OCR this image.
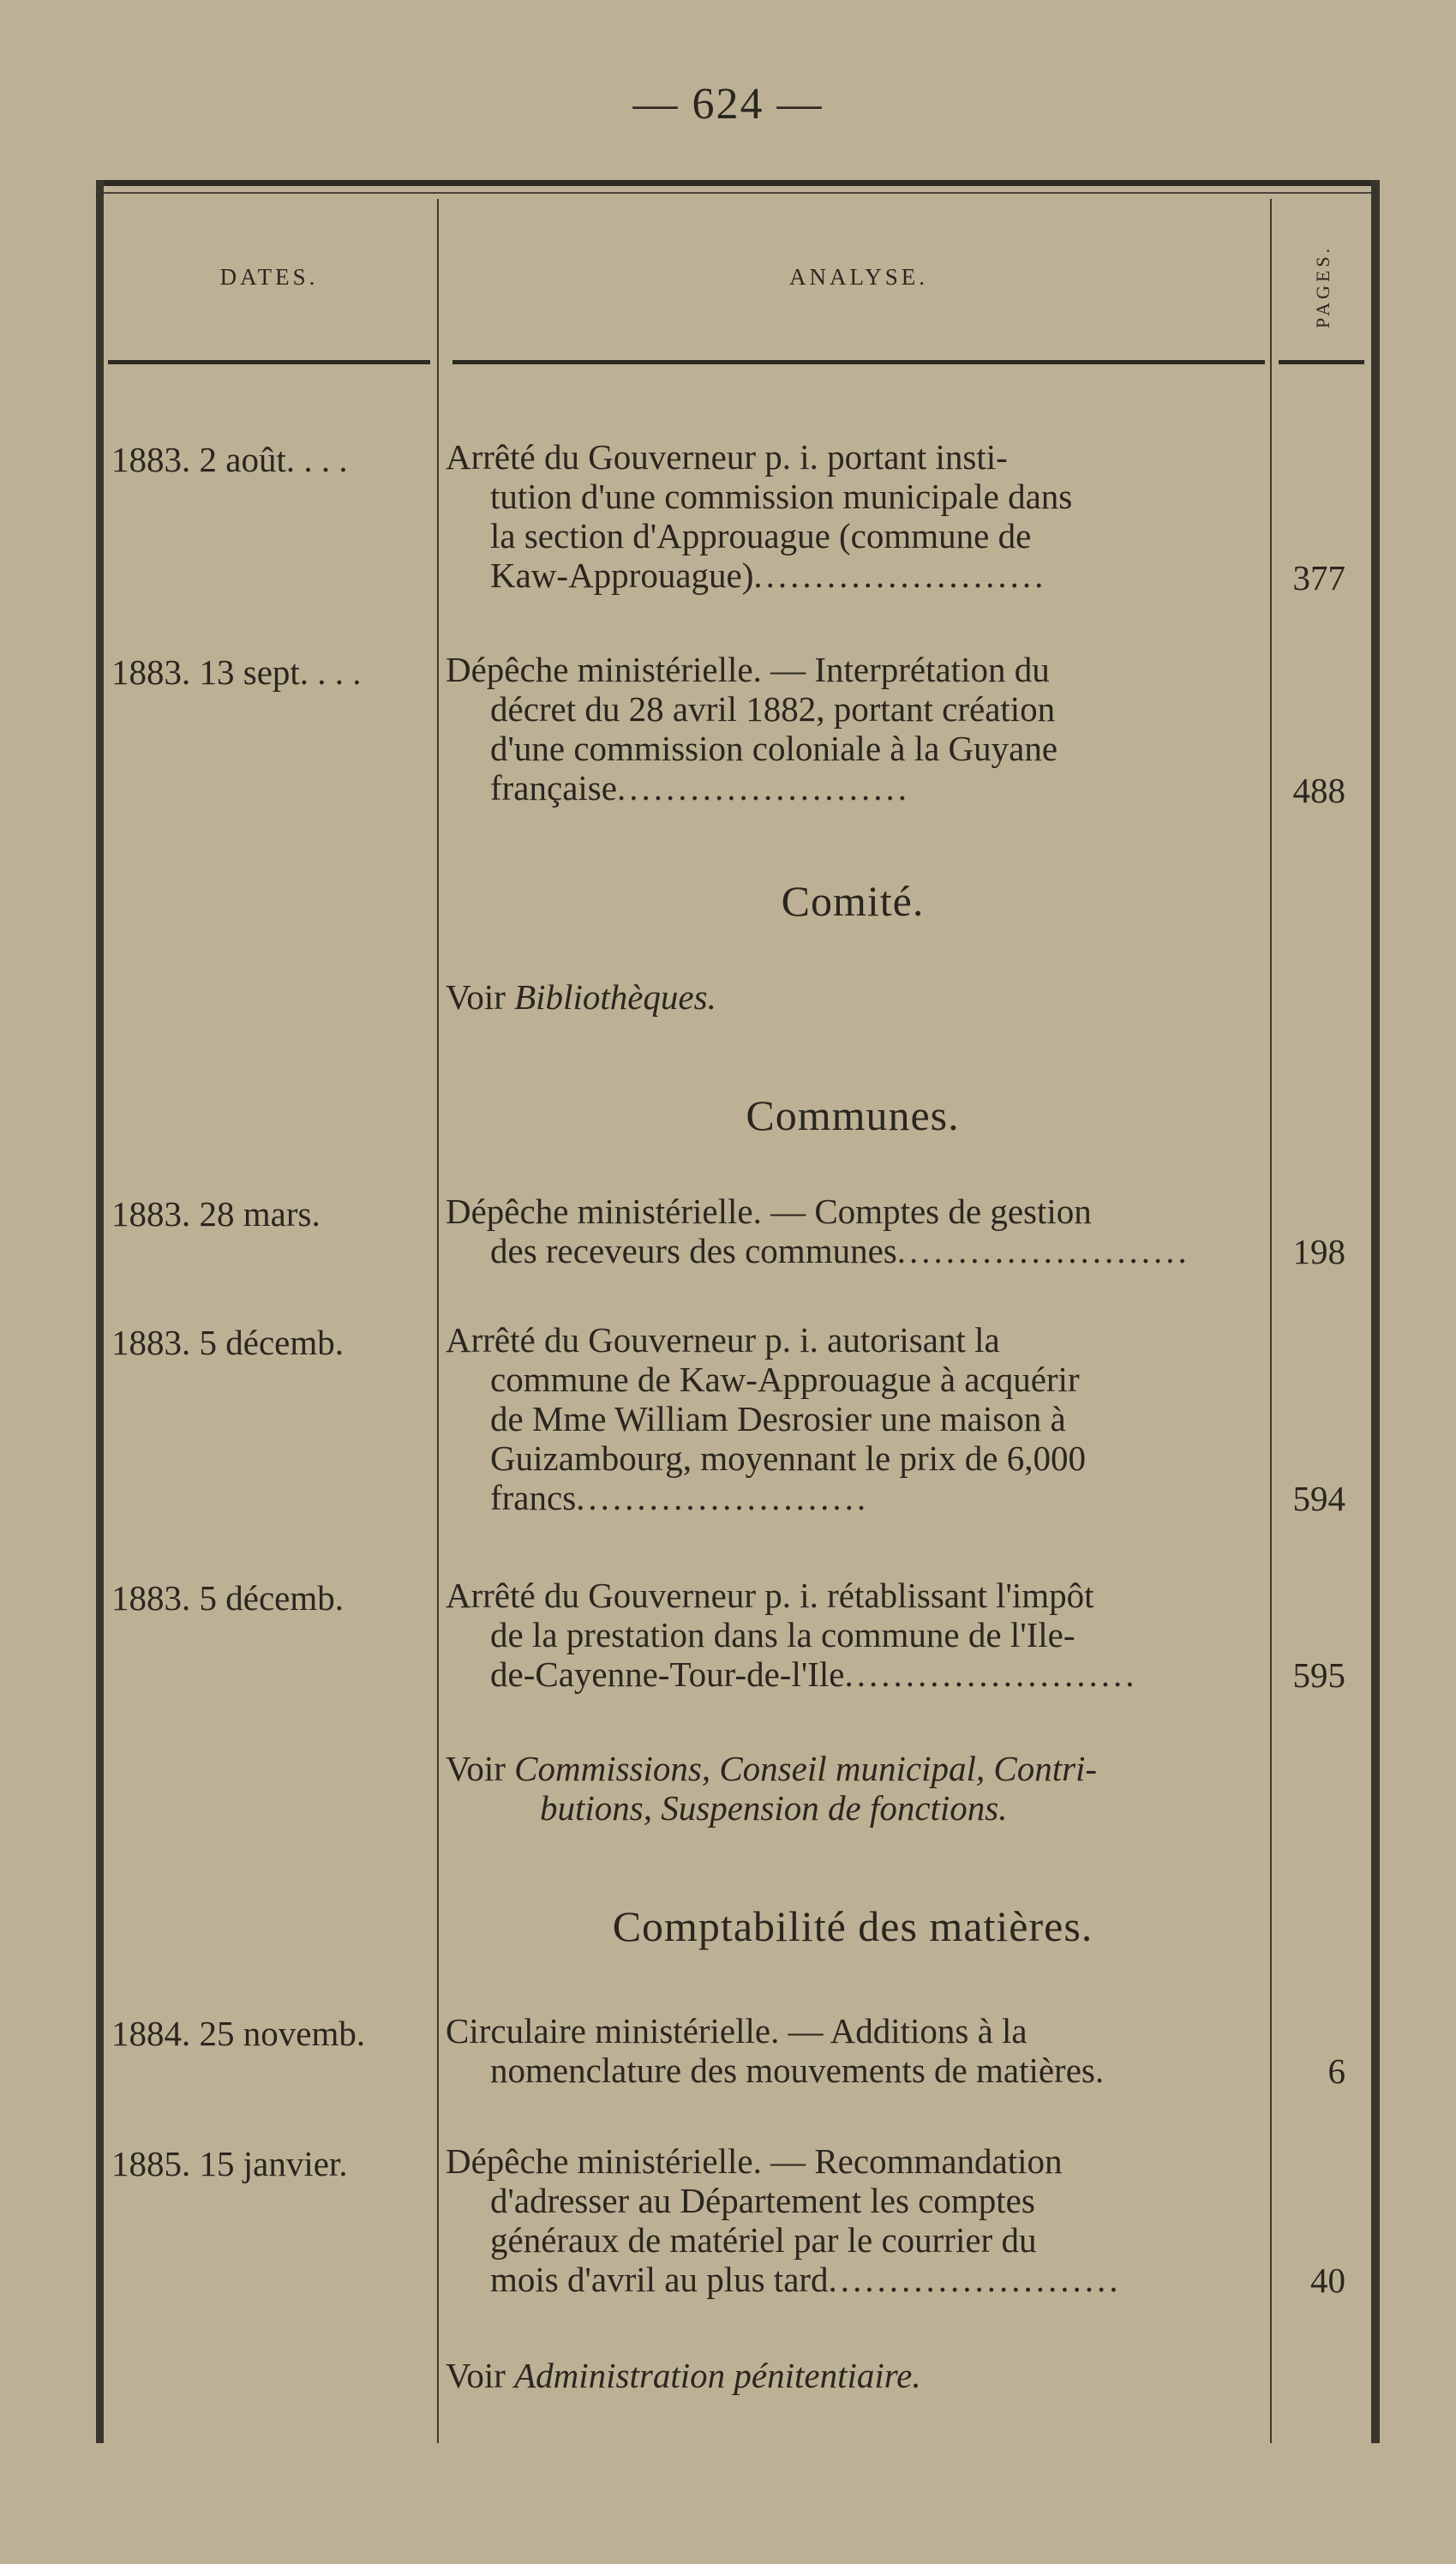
— 624 —
DATES.	ANALYSE.	PAGES.
1883. 2 août. . . .	Arrêté du Gouverneur p. i. portant insti-
tution d'une commission municipale dans
la section d'Approuague (commune de
Kaw-Approuague)........................	377
1883. 13 sept. . . . Dépêche ministérielle. — Interprétation du
décret du 28 avril 1882, portant création
d'une commission coloniale à la Guyane
française........................	488
Comité.
Voir Bibliothèques.
Communes.
1883. 28 mars.	Dépêche ministérielle. — Comptes de gestion
des receveurs des communes........................	198
1883. 5 décemb.	Arrêté du Gouverneur p. i. autorisant la
commune de Kaw-Approuague à acquérir
de Mme William Desrosier une maison à
Guizambourg, moyennant le prix de 6,000
francs........................	594
1883. 5 décemb.	Arrêté du Gouverneur p. i. rétablissant l'impôt
de la prestation dans la commune de l'Ile-
de-Cayenne-Tour-de-l'Ile........................	595
Voir Commissions, Conseil municipal, Contri-
butions, Suspension de fonctions.
Comptabilité des matières.
1884. 25 novemb. Circulaire ministérielle. — Additions à la
nomenclature des mouvements de matières.	6
1885. 15 janvier.	Dépêche ministérielle. — Recommandation
d'adresser au Département les comptes
généraux de matériel par le courrier du
mois d'avril au plus tard........................	40
Voir Administration pénitentiaire.
